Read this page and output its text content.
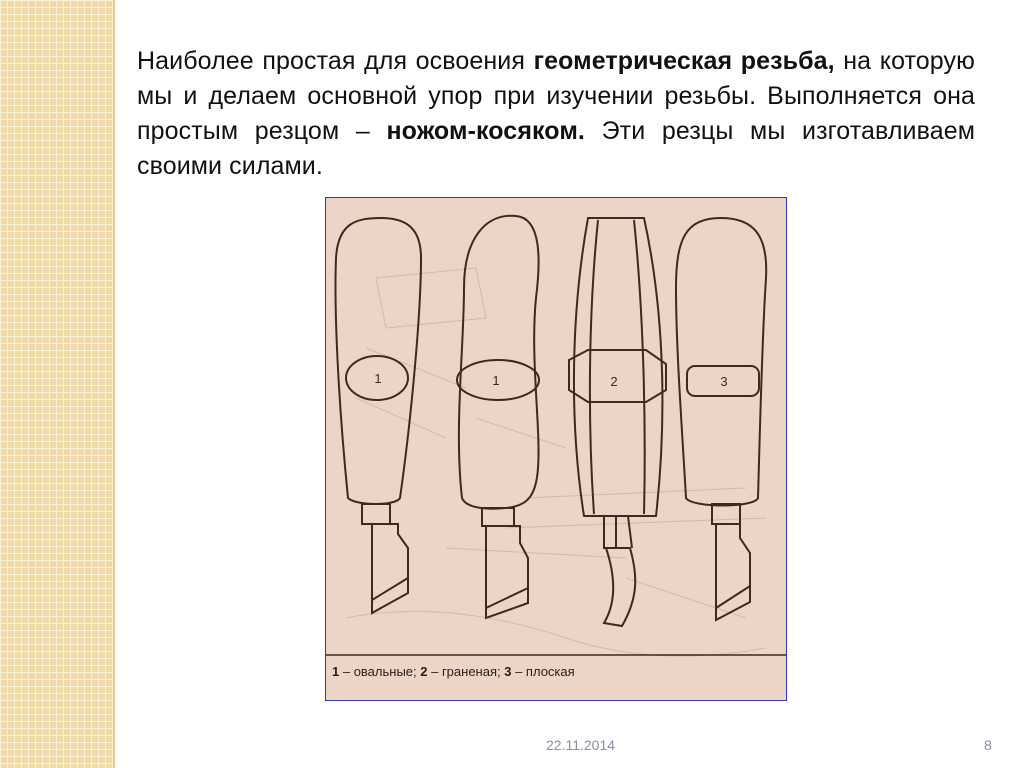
Наиболее простая для освоения геометрическая резьба, на которую мы и делаем основной упор при изучении резьбы. Выполняется она простым резцом – ножом-косяком. Эти резцы мы изготавливаем своими силами.
1	1	2	3
1 – овальные; 2 – граненая; 3 – плоская
22.11.2014	8
